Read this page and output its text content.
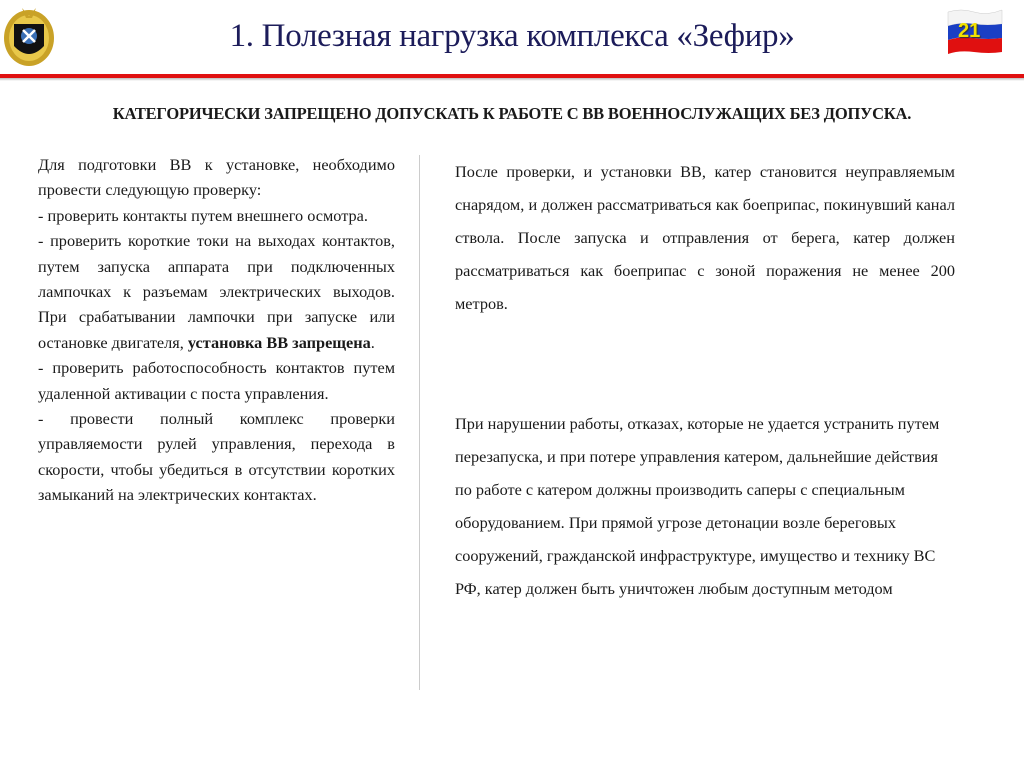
1. Полезная нагрузка комплекса «Зефир»	21
КАТЕГОРИЧЕСКИ ЗАПРЕЩЕНО ДОПУСКАТЬ К РАБОТЕ С ВВ ВОЕННОСЛУЖАЩИХ БЕЗ ДОПУСКА.

Для подготовки ВВ к установке, необходимо провести следующую проверку:

- проверить контакты путем внешнего осмотра.

- проверить короткие токи на выходах контактов, путем запуска аппарата при подключенных лампочках к разъемам электрических выходов. При срабатывании лампочки при запуске или остановке двигателя, установка ВВ запрещена.

- проверить работоспособность контактов путем удаленной активации с поста управления.

- провести полный комплекс проверки управляемости рулей управления, перехода в скорости, чтобы убедиться в отсутствии коротких замыканий на электрических контактах.

После проверки, и установки ВВ, катер становится неуправляемым снарядом, и должен рассматриваться как боеприпас, покинувший канал ствола. После запуска и отправления от берега, катер должен рассматриваться как боеприпас с зоной поражения не менее 200 метров.

При нарушении работы, отказах, которые не удается устранить путем перезапуска, и при потере управления катером, дальнейшие действия по работе с катером должны производить саперы с специальным оборудованием. При прямой угрозе детонации возле береговых сооружений, гражданской инфраструктуре, имущество и технику ВС РФ, катер должен быть уничтожен любым доступным методом
